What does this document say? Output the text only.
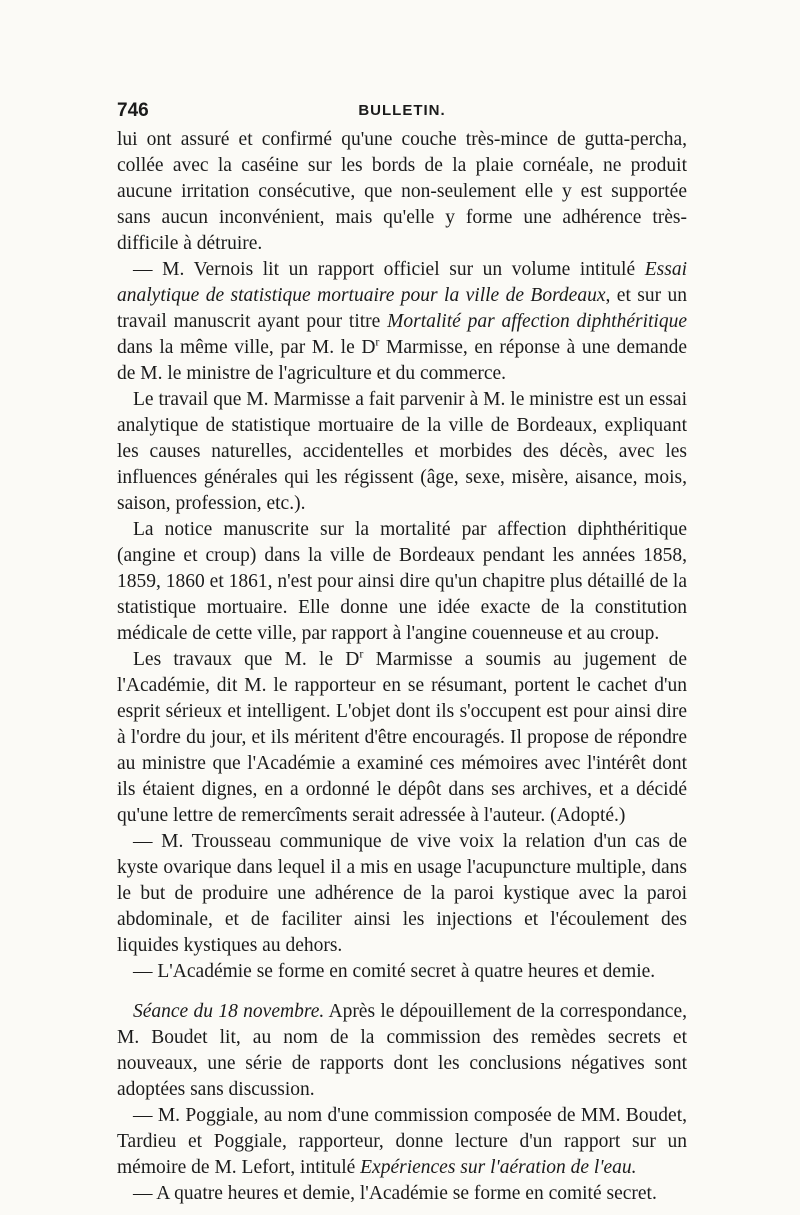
746	BULLETIN.

lui ont assuré et confirmé qu'une couche très-mince de gutta-percha, collée avec la caséine sur les bords de la plaie cornéale, ne produit aucune irritation consécutive, que non-seulement elle y est supportée sans aucun inconvénient, mais qu'elle y forme une adhérence très-difficile à détruire.

— M. Vernois lit un rapport officiel sur un volume intitulé Essai analytique de statistique mortuaire pour la ville de Bordeaux, et sur un travail manuscrit ayant pour titre Mortalité par affection diphthéritique dans la même ville, par M. le $D^r$ Marmisse, en réponse à une demande de M. le ministre de l'agriculture et du commerce.

Le travail que M. Marmisse a fait parvenir à M. le ministre est un essai analytique de statistique mortuaire de la ville de Bordeaux, expliquant les causes naturelles, accidentelles et morbides des décès, avec les influences générales qui les régissent (âge, sexe, misère, aisance, mois, saison, profession, etc.).

La notice manuscrite sur la mortalité par affection diphthéritique (angine et croup) dans la ville de Bordeaux pendant les années 1858, 1859, 1860 et 1861, n'est pour ainsi dire qu'un chapitre plus détaillé de la statistique mortuaire. Elle donne une idée exacte de la constitution médicale de cette ville, par rapport à l'angine couenneuse et au croup.

Les travaux que M. le $D^r$ Marmisse a soumis au jugement de l'Académie, dit M. le rapporteur en se résumant, portent le cachet d'un esprit sérieux et intelligent. L'objet dont ils s'occupent est pour ainsi dire à l'ordre du jour, et ils méritent d'être encouragés. Il propose de répondre au ministre que l'Académie a examiné ces mémoires avec l'intérêt dont ils étaient dignes, en a ordonné le dépôt dans ses archives, et a décidé qu'une lettre de remercîments serait adressée à l'auteur. (Adopté.)

— M. Trousseau communique de vive voix la relation d'un cas de kyste ovarique dans lequel il a mis en usage l'acupuncture multiple, dans le but de produire une adhérence de la paroi kystique avec la paroi abdominale, et de faciliter ainsi les injections et l'écoulement des liquides kystiques au dehors.

— L'Académie se forme en comité secret à quatre heures et demie.

Séance du 18 novembre. Après le dépouillement de la correspondance, M. Boudet lit, au nom de la commission des remèdes secrets et nouveaux, une série de rapports dont les conclusions négatives sont adoptées sans discussion.

— M. Poggiale, au nom d'une commission composée de MM. Boudet, Tardieu et Poggiale, rapporteur, donne lecture d'un rapport sur un mémoire de M. Lefort, intitulé Expériences sur l'aération de l'eau.

— A quatre heures et demie, l'Académie se forme en comité secret.
